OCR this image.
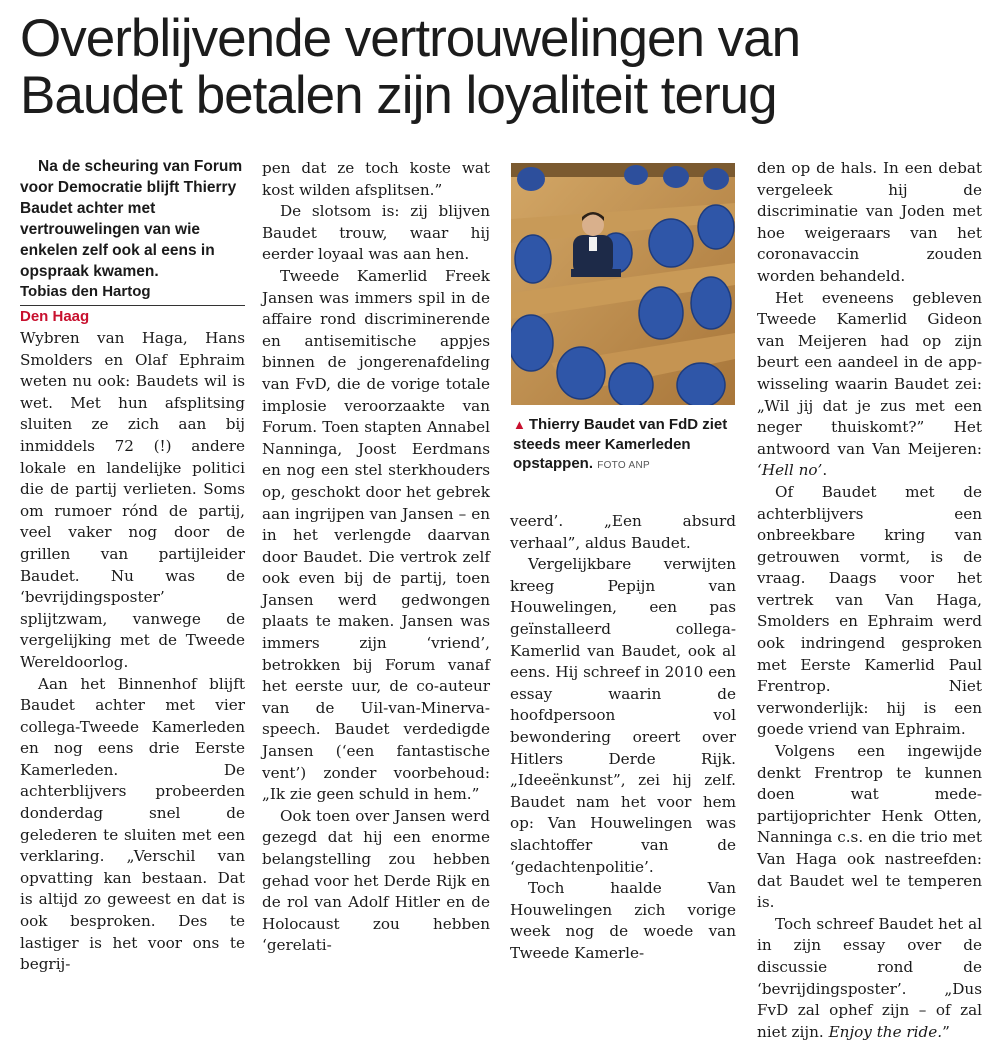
Overblijvende vertrouwelingen van
Baudet betalen zijn loyaliteit terug

Na de scheuring van Forum voor Democratie blijft Thierry Baudet achter met vertrouwelingen van wie enkelen zelf ook al eens in opspraak kwamen.

Tobias den Hartog

Den Haag

Wybren van Haga, Hans Smolders en Olaf Ephraim weten nu ook: Baudets wil is wet. Met hun afsplitsing sluiten ze zich aan bij inmiddels 72 (!) andere lokale en landelijke politici die de partij verlieten. Soms om rumoer rónd de partij, veel vaker nog door de grillen van partijleider Baudet. Nu was de ‘bevrijdingsposter’ splijtzwam, vanwege de vergelijking met de Tweede Wereldoorlog.

Aan het Binnenhof blijft Baudet achter met vier collega-Tweede Kamerleden en nog eens drie Eerste Kamerleden. De achterblijvers probeerden donderdag snel de gelederen te sluiten met een verklaring. „Verschil van opvatting kan bestaan. Dat is altijd zo geweest en dat is ook besproken. Des te lastiger is het voor ons te begrij-

pen dat ze toch koste wat kost wilden afsplitsen.”

De slotsom is: zij blijven Baudet trouw, waar hij eerder loyaal was aan hen.

Tweede Kamerlid Freek Jansen was immers spil in de affaire rond discriminerende en antisemitische appjes binnen de jongerenafdeling van FvD, die de vorige totale implosie veroorzaakte van Forum. Toen stapten Annabel Nanninga, Joost Eerdmans en nog een stel sterkhouders op, geschokt door het gebrek aan ingrijpen van Jansen – en in het verlengde daarvan door Baudet. Die vertrok zelf ook even bij de partij, toen Jansen werd gedwongen plaats te maken. Jansen was immers zijn ‘vriend’, betrokken bij Forum vanaf het eerste uur, de co-auteur van de Uil-van-Minerva-speech. Baudet verdedigde Jansen (‘een fantastische vent’) zonder voorbehoud: „Ik zie geen schuld in hem.”

Ook toen over Jansen werd gezegd dat hij een enorme belangstelling zou hebben gehad voor het Derde Rijk en de rol van Adolf Hitler en de Holocaust zou hebben ‘gerelati-

▲ Thierry Baudet van FdD ziet steeds meer Kamerleden opstappen. FOTO ANP

veerd’. „Een absurd verhaal”, aldus Baudet.

Vergelijkbare verwijten kreeg Pepijn van Houwelingen, een pas geïnstalleerd collega-Kamerlid van Baudet, ook al eens. Hij schreef in 2010 een essay waarin de hoofdpersoon vol bewondering oreert over Hitlers Derde Rijk. „Ideeënkunst”, zei hij zelf. Baudet nam het voor hem op: Van Houwelingen was slachtoffer van de ‘gedachtenpolitie’.

Toch haalde Van Houwelingen zich vorige week nog de woede van Tweede Kamerle-

den op de hals. In een debat vergeleek hij de discriminatie van Joden met hoe weigeraars van het coronavaccin zouden worden behandeld.

Het eveneens gebleven Tweede Kamerlid Gideon van Meijeren had op zijn beurt een aandeel in de app-wisseling waarin Baudet zei: „Wil jij dat je zus met een neger thuiskomt?” Het antwoord van Van Meijeren: ‘Hell no’.

Of Baudet met de achterblijvers een onbreekbare kring van getrouwen vormt, is de vraag. Daags voor het vertrek van Van Haga, Smolders en Ephraim werd ook indringend gesproken met Eerste Kamerlid Paul Frentrop. Niet verwonderlijk: hij is een goede vriend van Ephraim.

Volgens een ingewijde denkt Frentrop te kunnen doen wat mede-partijoprichter Henk Otten, Nanninga c.s. en die trio met Van Haga ook nastreefden: dat Baudet wel te temperen is.

Toch schreef Baudet het al in zijn essay over de discussie rond de ‘bevrijdingsposter’. „Dus FvD zal ophef zijn – of zal niet zijn. Enjoy the ride.”
